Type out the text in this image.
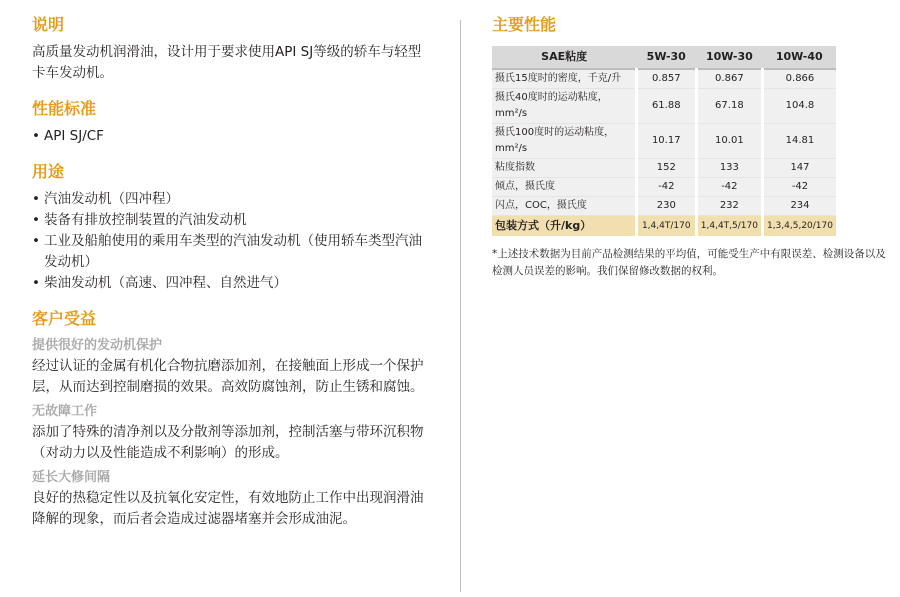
说明

高质量发动机润滑油，设计用于要求使用API SJ等级的轿车与轻型卡车发动机。

性能标准
• API SJ/CF
用途
• 汽油发动机（四冲程）
• 装备有排放控制装置的汽油发动机
• 工业及船舶使用的乘用车类型的汽油发动机（使用轿车类型汽油发动机）
• 柴油发动机（高速、四冲程、自然进气）
客户受益
提供很好的发动机保护

经过认证的金属有机化合物抗磨添加剂，在接触面上形成一个保护层，从而达到控制磨损的效果。高效防腐蚀剂，防止生锈和腐蚀。

无故障工作

添加了特殊的清净剂以及分散剂等添加剂，控制活塞与带环沉积物（对动力以及性能造成不利影响）的形成。

延长大修间隔

良好的热稳定性以及抗氧化安定性，有效地防止工作中出现润滑油降解的现象，而后者会造成过滤器堵塞并会形成油泥。

主要性能
SAE粘度	5W-30	10W-30	10W-40
摄氏15度时的密度，千克/升	0.857	0.867	0.866
摄氏40度时的运动粘度，mm²/s	61.88	67.18	104.8
摄氏100度时的运动粘度，mm²/s	10.17	10.01	14.81
粘度指数	152	133	147
倾点，摄氏度	-42	-42	-42
闪点，COC，摄氏度	230	232	234
包装方式（升/kg）	1,4,4T/170	1,4,4T,5/170	1,3,4,5,20/170
*上述技术数据为目前产品检测结果的平均值，可能受生产中有限误差、检测设备以及检测人员误差的影响。我们保留修改数据的权利。
